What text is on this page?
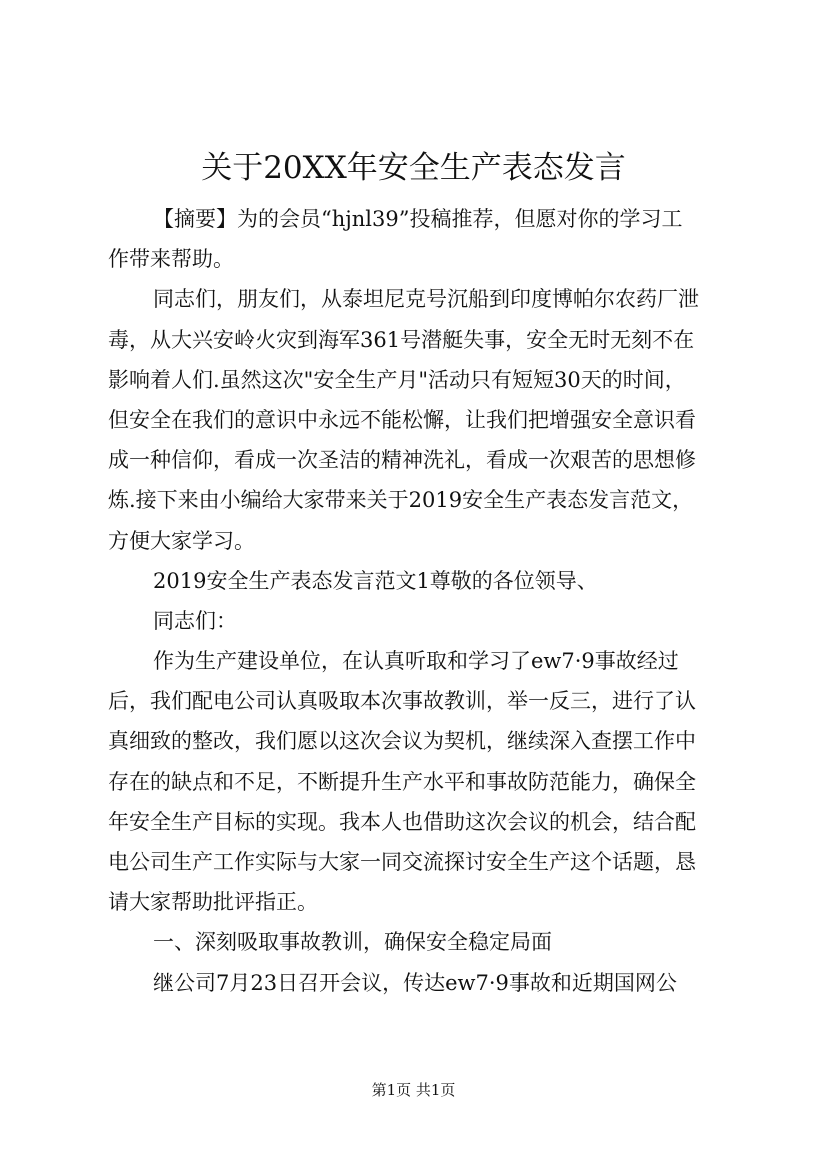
关于20XX年安全生产表态发言
【摘要】为的会员“hjnl39”投稿推荐，但愿对你的学习工
作带来帮助。
同志们，朋友们，从泰坦尼克号沉船到印度博帕尔农药厂泄
毒，从大兴安岭火灾到海军361号潜艇失事，安全无时无刻不在
影响着人们.虽然这次"安全生产月"活动只有短短30天的时间，
但安全在我们的意识中永远不能松懈，让我们把增强安全意识看
成一种信仰，看成一次圣洁的精神洗礼，看成一次艰苦的思想修
炼.接下来由小编给大家带来关于2019安全生产表态发言范文，
方便大家学习。
2019安全生产表态发言范文1尊敬的各位领导、
同志们：
作为生产建设单位，在认真听取和学习了ew7·9事故经过
后，我们配电公司认真吸取本次事故教训，举一反三，进行了认
真细致的整改，我们愿以这次会议为契机，继续深入查摆工作中
存在的缺点和不足，不断提升生产水平和事故防范能力，确保全
年安全生产目标的实现。我本人也借助这次会议的机会，结合配
电公司生产工作实际与大家一同交流探讨安全生产这个话题，恳
请大家帮助批评指正。
一、深刻吸取事故教训，确保安全稳定局面
继公司7月23日召开会议，传达ew7·9事故和近期国网公
第1页 共1页
